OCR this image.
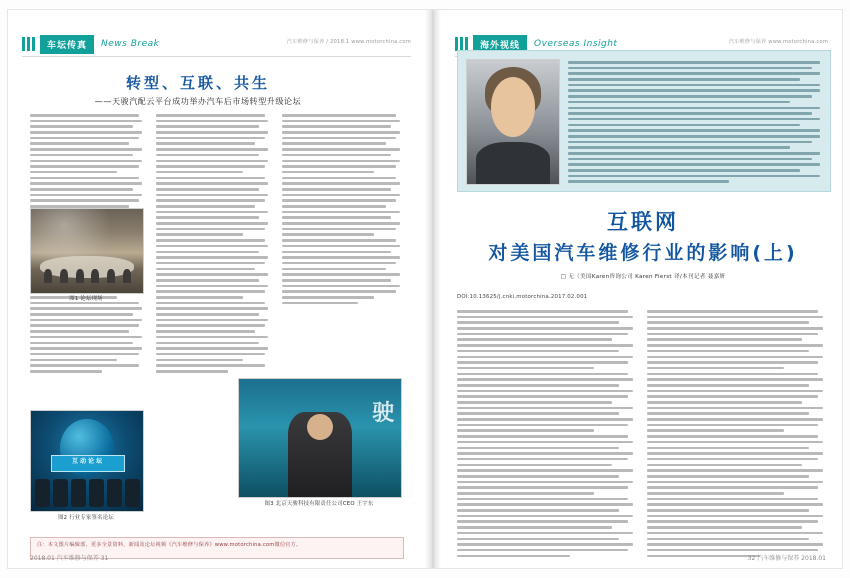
车坛传真	News Break	汽车维修与保养 / 2018.1 www.motorchina.com
转型、互联、共生
——天骏汽配云平台成功举办汽车后市场转型升级论坛
图1 论坛现场
互动论坛
图2 行业专家签名论坛
驶
图3 北京天骏科技有限责任公司CEO 王宇东
注：本文图片编辑部，更多全景资料，新闻及论坛视频《汽车维修与保养》www.motorchina.com微信官方。
2018.01 汽车维修与保养 31
海外视线	Overseas Insight	汽车维修与保养 www.motorchina.com
互联网
对美国汽车维修行业的影响(上)
□ 无（美国Karen咨询公司 Karen Fierst 译/本刊记者 聂嘉妍
DOI:10.13625/j.cnki.motorchina.2017.02.001
32 汽车维修与保养 2018.01
